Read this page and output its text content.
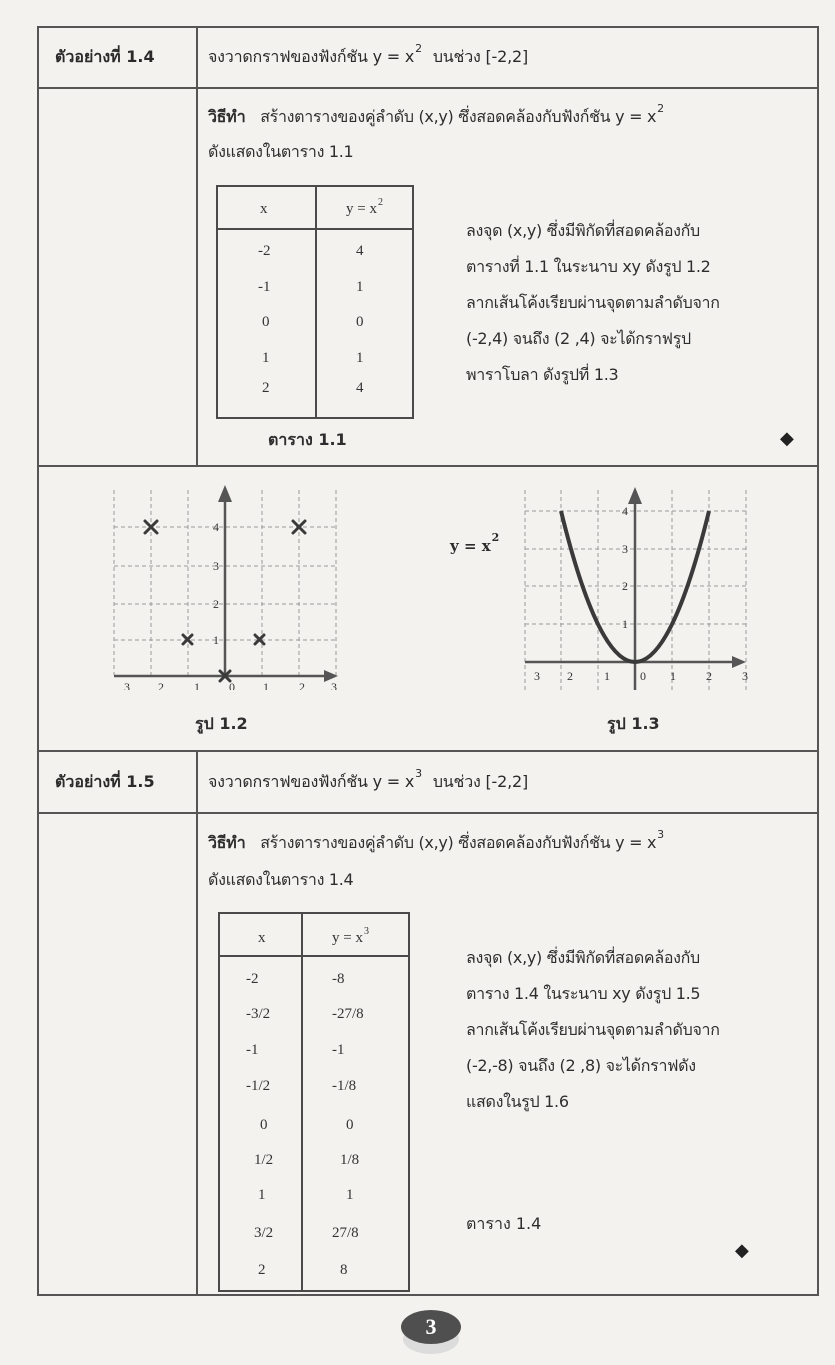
ตัวอย่างที่ 1.4	จงวาดกราฟของฟังก์ชัน $y = x^2$ บนช่วง [-2,2]
วิธีทำ สร้างตารางของคู่ลำดับ (x,y) ซึ่งสอดคล้องกับฟังก์ชัน $y = x^2$
ดังแสดงในตาราง 1.1
x	$y = x^2$
-2	4
-1	1
0	0
1	1
2	4
ตาราง 1.1
ลงจุด (x,y) ซึ่งมีพิกัดที่สอดคล้องกับ
ตารางที่ 1.1 ในระนาบ xy ดังรูป 1.2
ลากเส้นโค้งเรียบผ่านจุดตามลำดับจาก
(-2,4) จนถึง (2 ,4) จะได้กราฟรูป
พาราโบลา ดังรูปที่ 1.3
◆
4
3
2
1
3 2	1 0 1	2 3
รูป 1.2
$y = x^2$
4
3
2
1
3 2	1	0 1	2	3
รูป 1.3
ตัวอย่างที่ 1.5	จงวาดกราฟของฟังก์ชัน $y = x^3$ บนช่วง [-2,2]
วิธีทำ สร้างตารางของคู่ลำดับ (x,y) ซึ่งสอดคล้องกับฟังก์ชัน $y = x^3$
ดังแสดงในตาราง 1.4
x	$y = x^3$
-2	-8
-3/2	-27/8
-1	-1
-1/2	-1/8
0	0
1/2	1/8
1	1
3/2	27/8
2	8
ลงจุด (x,y) ซึ่งมีพิกัดที่สอดคล้องกับ
ตาราง 1.4 ในระนาบ xy ดังรูป 1.5
ลากเส้นโค้งเรียบผ่านจุดตามลำดับจาก
(-2,-8) จนถึง (2 ,8) จะได้กราฟดัง
แสดงในรูป 1.6
ตาราง 1.4
◆
3
